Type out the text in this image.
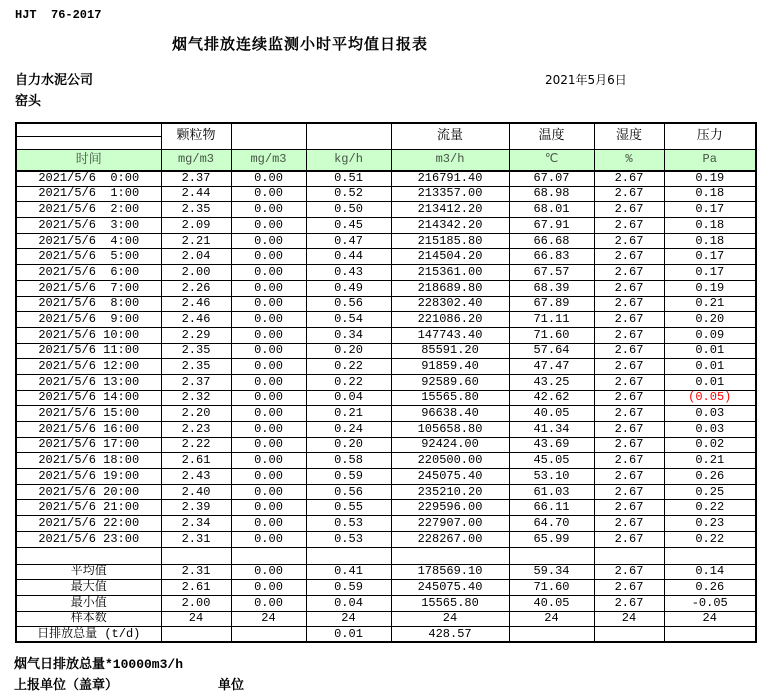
HJT  76-2017
烟气排放连续监测小时平均值日报表
自力水泥公司	2021年5月6日
窑头
	颗粒物			流量	温度	湿度	压力
时间	mg/m3	mg/m3	kg/h	m3/h	℃	%	Pa
2021/5/6  0:00	2.37	0.00	0.51	216791.40	67.07	2.67	0.19
2021/5/6  1:00	2.44	0.00	0.52	213357.00	68.98	2.67	0.18
2021/5/6  2:00	2.35	0.00	0.50	213412.20	68.01	2.67	0.17
2021/5/6  3:00	2.09	0.00	0.45	214342.20	67.91	2.67	0.18
2021/5/6  4:00	2.21	0.00	0.47	215185.80	66.68	2.67	0.18
2021/5/6  5:00	2.04	0.00	0.44	214504.20	66.83	2.67	0.17
2021/5/6  6:00	2.00	0.00	0.43	215361.00	67.57	2.67	0.17
2021/5/6  7:00	2.26	0.00	0.49	218689.80	68.39	2.67	0.19
2021/5/6  8:00	2.46	0.00	0.56	228302.40	67.89	2.67	0.21
2021/5/6  9:00	2.46	0.00	0.54	221086.20	71.11	2.67	0.20
2021/5/6 10:00	2.29	0.00	0.34	147743.40	71.60	2.67	0.09
2021/5/6 11:00	2.35	0.00	0.20	85591.20	57.64	2.67	0.01
2021/5/6 12:00	2.35	0.00	0.22	91859.40	47.47	2.67	0.01
2021/5/6 13:00	2.37	0.00	0.22	92589.60	43.25	2.67	0.01
2021/5/6 14:00	2.32	0.00	0.04	15565.80	42.62	2.67	(0.05)
2021/5/6 15:00	2.20	0.00	0.21	96638.40	40.05	2.67	0.03
2021/5/6 16:00	2.23	0.00	0.24	105658.80	41.34	2.67	0.03
2021/5/6 17:00	2.22	0.00	0.20	92424.00	43.69	2.67	0.02
2021/5/6 18:00	2.61	0.00	0.58	220500.00	45.05	2.67	0.21
2021/5/6 19:00	2.43	0.00	0.59	245075.40	53.10	2.67	0.26
2021/5/6 20:00	2.40	0.00	0.56	235210.20	61.03	2.67	0.25
2021/5/6 21:00	2.39	0.00	0.55	229596.00	66.11	2.67	0.22
2021/5/6 22:00	2.34	0.00	0.53	227907.00	64.70	2.67	0.23
2021/5/6 23:00	2.31	0.00	0.53	228267.00	65.99	2.67	0.22

平均值	2.31	0.00	0.41	178569.10	59.34	2.67	0.14
最大值	2.61	0.00	0.59	245075.40	71.60	2.67	0.26
最小值	2.00	0.00	0.04	15565.80	40.05	2.67	-0.05
样本数	24	24	24	24	24	24	24
日排放总量 (t/d)			0.01	428.57			
烟气日排放总量*10000m3/h
上报单位（盖章）	单位
